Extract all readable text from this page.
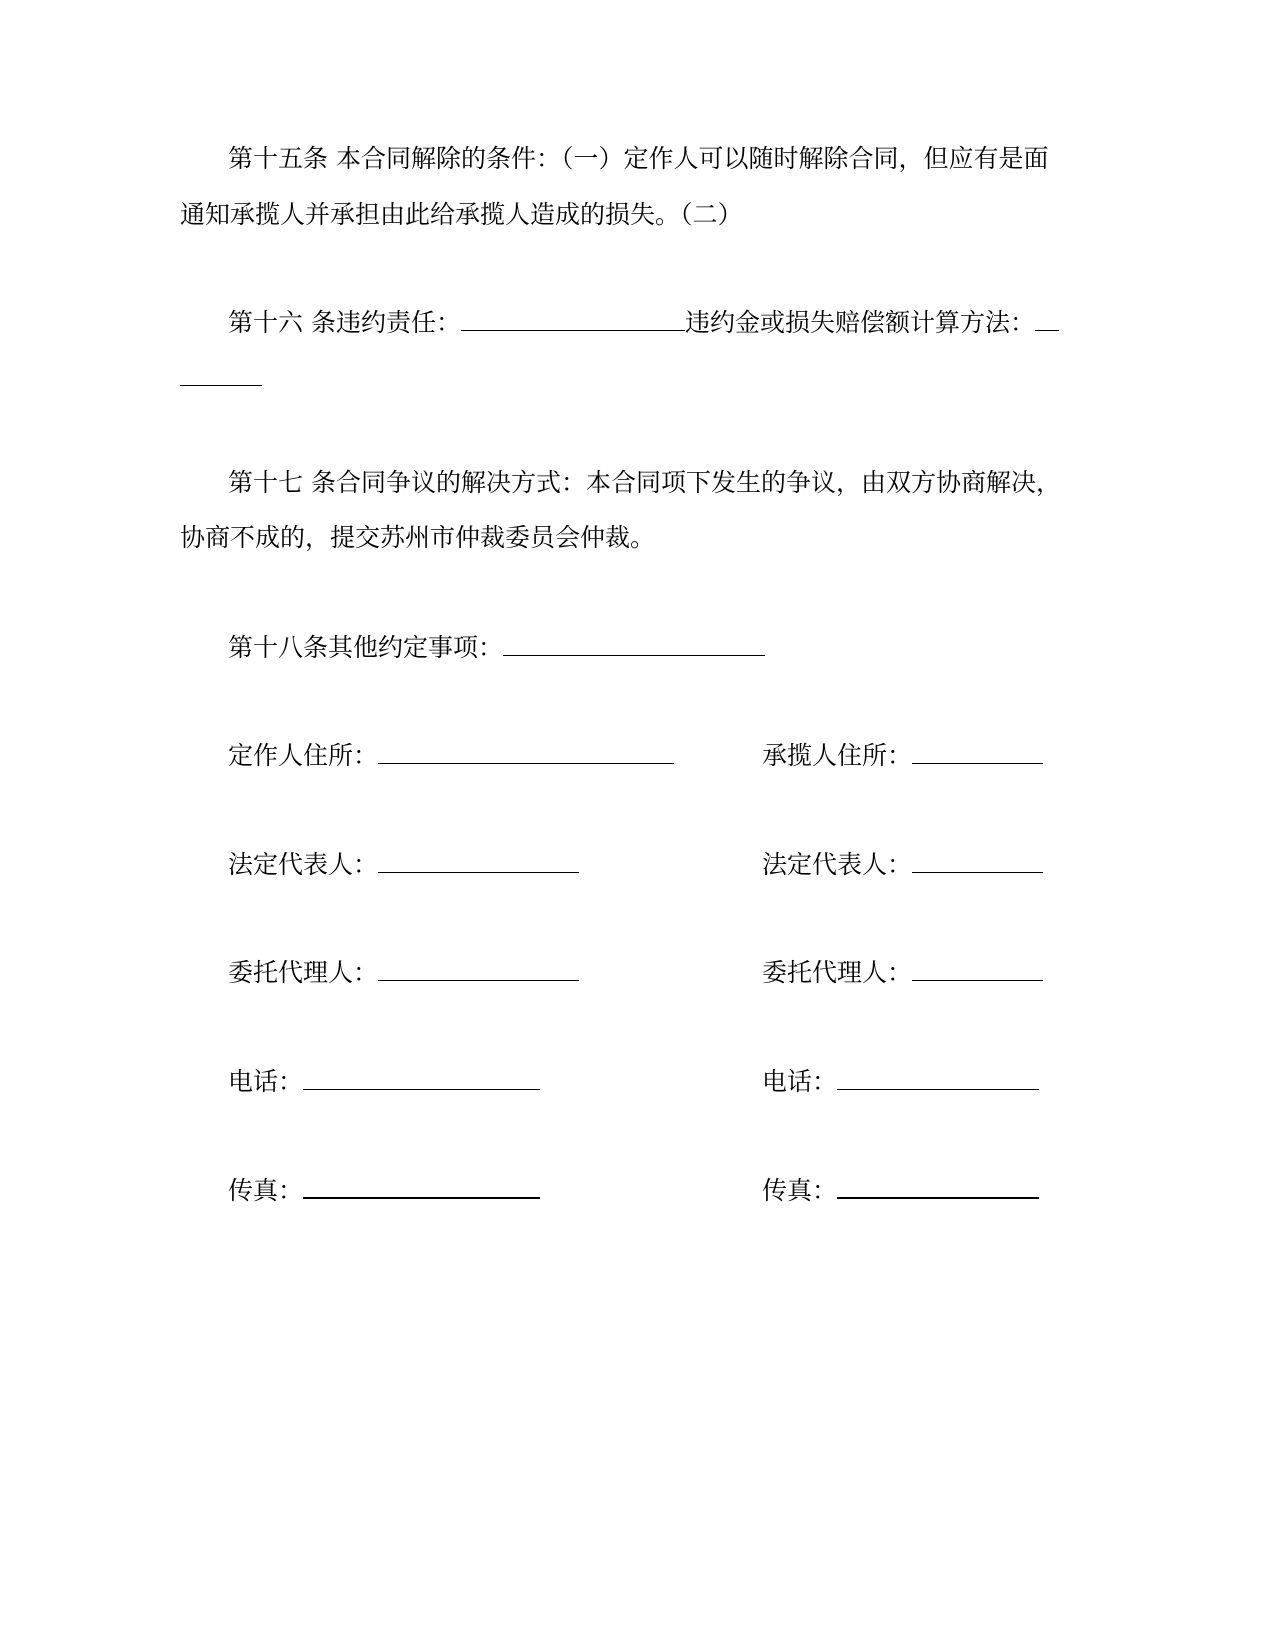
第十五条 本合同解除的条件：（一）定作人可以随时解除合同，但应有是面
通知承揽人并承担由此给承揽人造成的损失。（二）
第十六 条违约责任：	违约金或损失赔偿额计算方法：
第十七 条合同争议的解决方式：本合同项下发生的争议，由双方协商解决，
协商不成的，提交苏州市仲裁委员会仲裁。
第十八条其他约定事项：
定作人住所：
法定代表人：
委托代理人：
电话：
传真：
承揽人住所：
法定代表人：
委托代理人：
电话：
传真：
